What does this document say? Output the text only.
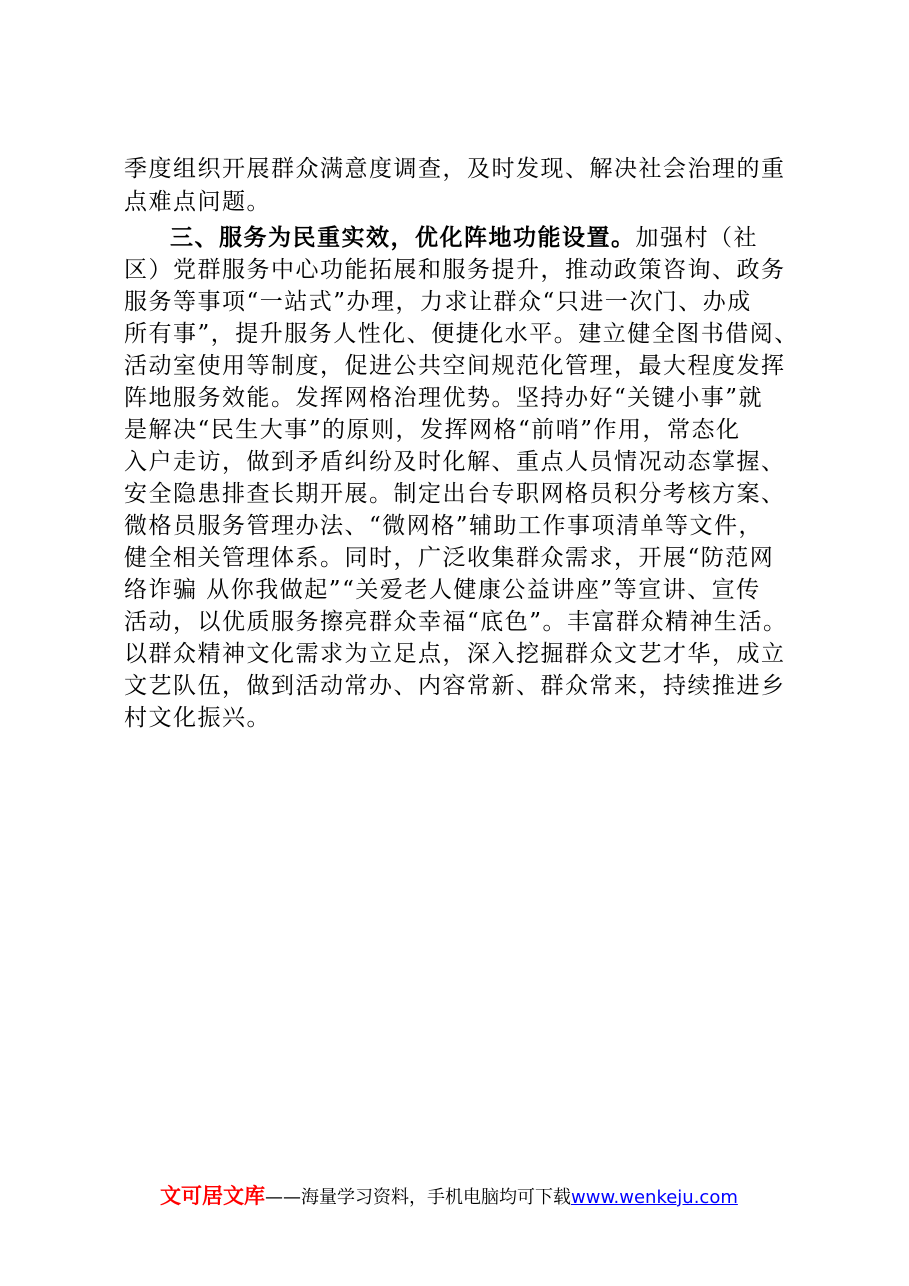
季度组织开展群众满意度调查，及时发现、解决社会治理的重
点难点问题。
三、服务为民重实效，优化阵地功能设置。加强村（社
区）党群服务中心功能拓展和服务提升，推动政策咨询、政务
服务等事项“一站式”办理，力求让群众“只进一次门、办成
所有事”，提升服务人性化、便捷化水平。建立健全图书借阅、
活动室使用等制度，促进公共空间规范化管理，最大程度发挥
阵地服务效能。发挥网格治理优势。坚持办好“关键小事”就
是解决“民生大事”的原则，发挥网格“前哨”作用，常态化
入户走访，做到矛盾纠纷及时化解、重点人员情况动态掌握、
安全隐患排查长期开展。制定出台专职网格员积分考核方案、
微格员服务管理办法、“微网格”辅助工作事项清单等文件，
健全相关管理体系。同时，广泛收集群众需求，开展“防范网
络诈骗 从你我做起”“关爱老人健康公益讲座”等宣讲、宣传
活动，以优质服务擦亮群众幸福“底色”。丰富群众精神生活。
以群众精神文化需求为立足点，深入挖掘群众文艺才华，成立
文艺队伍，做到活动常办、内容常新、群众常来，持续推进乡
村文化振兴。
文可居文库——海量学习资料，手机电脑均可下载www.wenkeju.com
